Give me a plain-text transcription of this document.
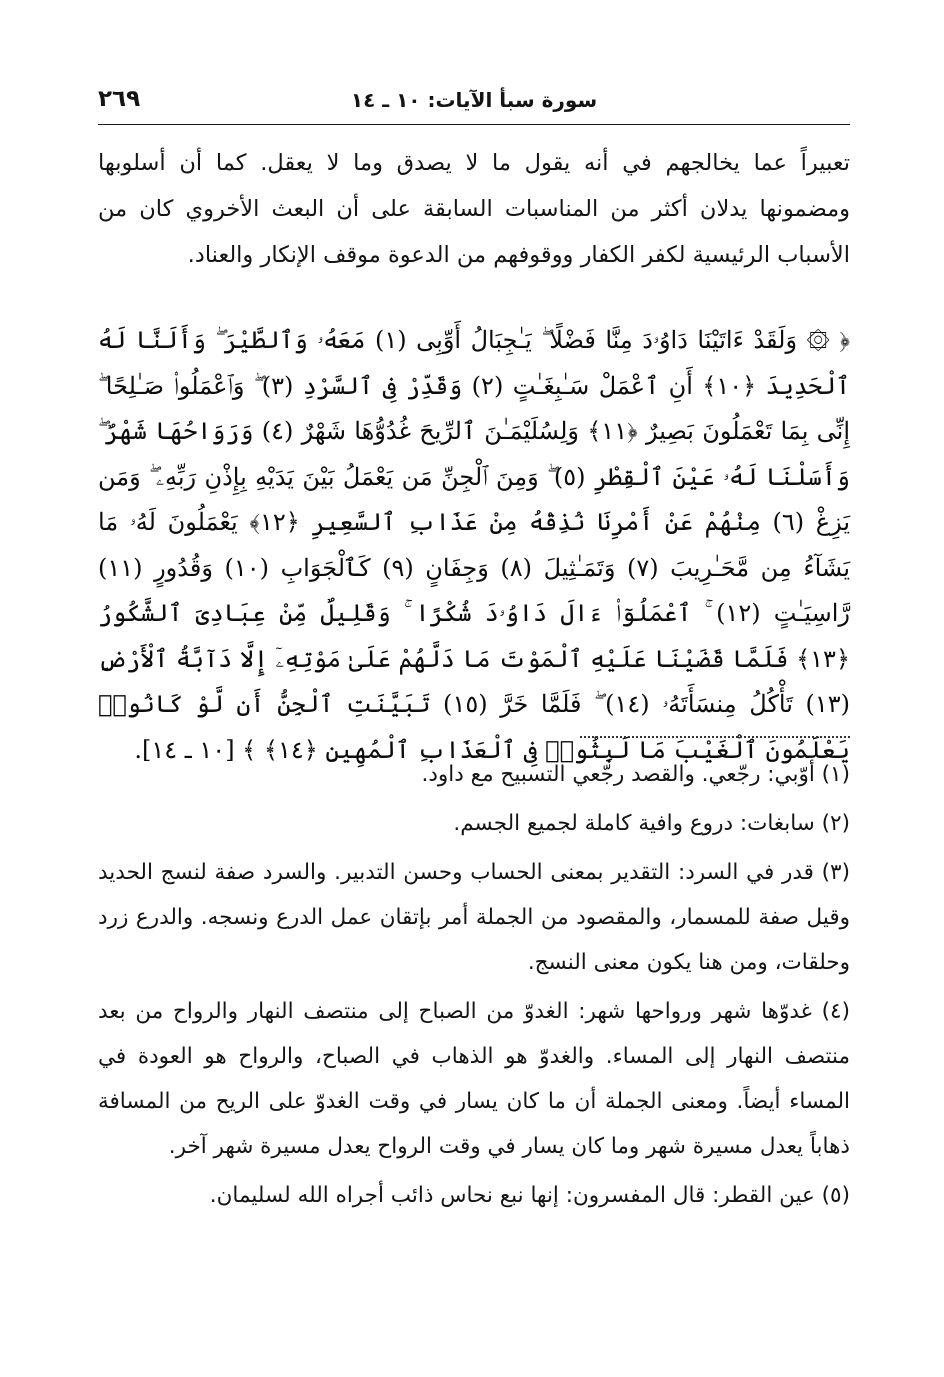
٢٦٩	سورة سبأ الآيات: ١٠ ـ ١٤

تعبيراً عما يخالجهم في أنه يقول ما لا يصدق وما لا يعقل. كما أن أسلوبها ومضمونها يدلان أكثر من المناسبات السابقة على أن البعث الأخروي كان من الأسباب الرئيسية لكفر الكفار ووقوفهم من الدعوة موقف الإنكار والعناد.

﴿ ۞ وَلَقَدْ ءَاتَيْنَا دَاوُۥدَ مِنَّا فَضْلًا ۖ يَـٰجِبَالُ أَوِّبِى (١) مَعَهُۥ وَٱلطَّيْرَ ۖ وَأَلَنَّا لَهُ ٱلْحَدِيدَ ﴿١٠﴾ أَنِ ٱعْمَلْ سَـٰبِغَـٰتٍ (٢) وَقَدِّرْ فِى ٱلسَّرْدِ (٣) ۖ وَٱعْمَلُوا۟ صَـٰلِحًا ۖ إِنِّى بِمَا تَعْمَلُونَ بَصِيرٌ ﴿١١﴾ وَلِسُلَيْمَـٰنَ ٱلرِّيحَ غُدُوُّهَا شَهْرٌ (٤) وَرَوَاحُهَا شَهْرٌ ۖ وَأَسَلْنَا لَهُۥ عَيْنَ ٱلْقِطْرِ (٥) ۖ وَمِنَ ٱلْجِنِّ مَن يَعْمَلُ بَيْنَ يَدَيْهِ بِإِذْنِ رَبِّهِۦ ۖ وَمَن يَزِغْ (٦) مِنْهُمْ عَنْ أَمْرِنَا نُذِقْهُ مِنْ عَذَابِ ٱلسَّعِيرِ ﴿١٢﴾ يَعْمَلُونَ لَهُۥ مَا يَشَآءُ مِن مَّحَـٰرِيبَ (٧) وَتَمَـٰثِيلَ (٨) وَجِفَانٍ (٩) كَٱلْجَوَابِ (١٠) وَقُدُورٍ (١١) رَّاسِيَـٰتٍ (١٢) ۚ ٱعْمَلُوٓا۟ ءَالَ دَاوُۥدَ شُكْرًا ۚ وَقَلِيلٌ مِّنْ عِبَادِىَ ٱلشَّكُورُ ﴿١٣﴾ فَلَمَّا قَضَيْنَا عَلَيْهِ ٱلْمَوْتَ مَا دَلَّهُمْ عَلَىٰ مَوْتِهِۦٓ إِلَّا دَآبَّةُ ٱلْأَرْضِ (١٣) تَأْكُلُ مِنسَأَتَهُۥ (١٤) ۖ فَلَمَّا خَرَّ (١٥) تَبَيَّنَتِ ٱلْجِنُّ أَن لَّوْ كَانُوا۟ يَعْلَمُونَ ٱلْغَيْبَ مَا لَبِثُوا۟ فِى ٱلْعَذَابِ ٱلْمُهِينِ ﴿١٤﴾ ﴾ [١٠ ـ ١٤].

(١) أوّبي: رجّعي. والقصد رجّعي التسبيح مع داود.

(٢) سابغات: دروع وافية كاملة لجميع الجسم.

(٣) قدر في السرد: التقدير بمعنى الحساب وحسن التدبير. والسرد صفة لنسج الحديد وقيل صفة للمسمار، والمقصود من الجملة أمر بإتقان عمل الدرع ونسجه. والدرع زرد وحلقات، ومن هنا يكون معنى النسج.

(٤) غدوّها شهر ورواحها شهر: الغدوّ من الصباح إلى منتصف النهار والرواح من بعد منتصف النهار إلى المساء. والغدوّ هو الذهاب في الصباح، والرواح هو العودة في المساء أيضاً. ومعنى الجملة أن ما كان يسار في وقت الغدوّ على الريح من المسافة ذهاباً يعدل مسيرة شهر وما كان يسار في وقت الرواح يعدل مسيرة شهر آخر.

(٥) عين القطر: قال المفسرون: إنها نبع نحاس ذائب أجراه الله لسليمان.
